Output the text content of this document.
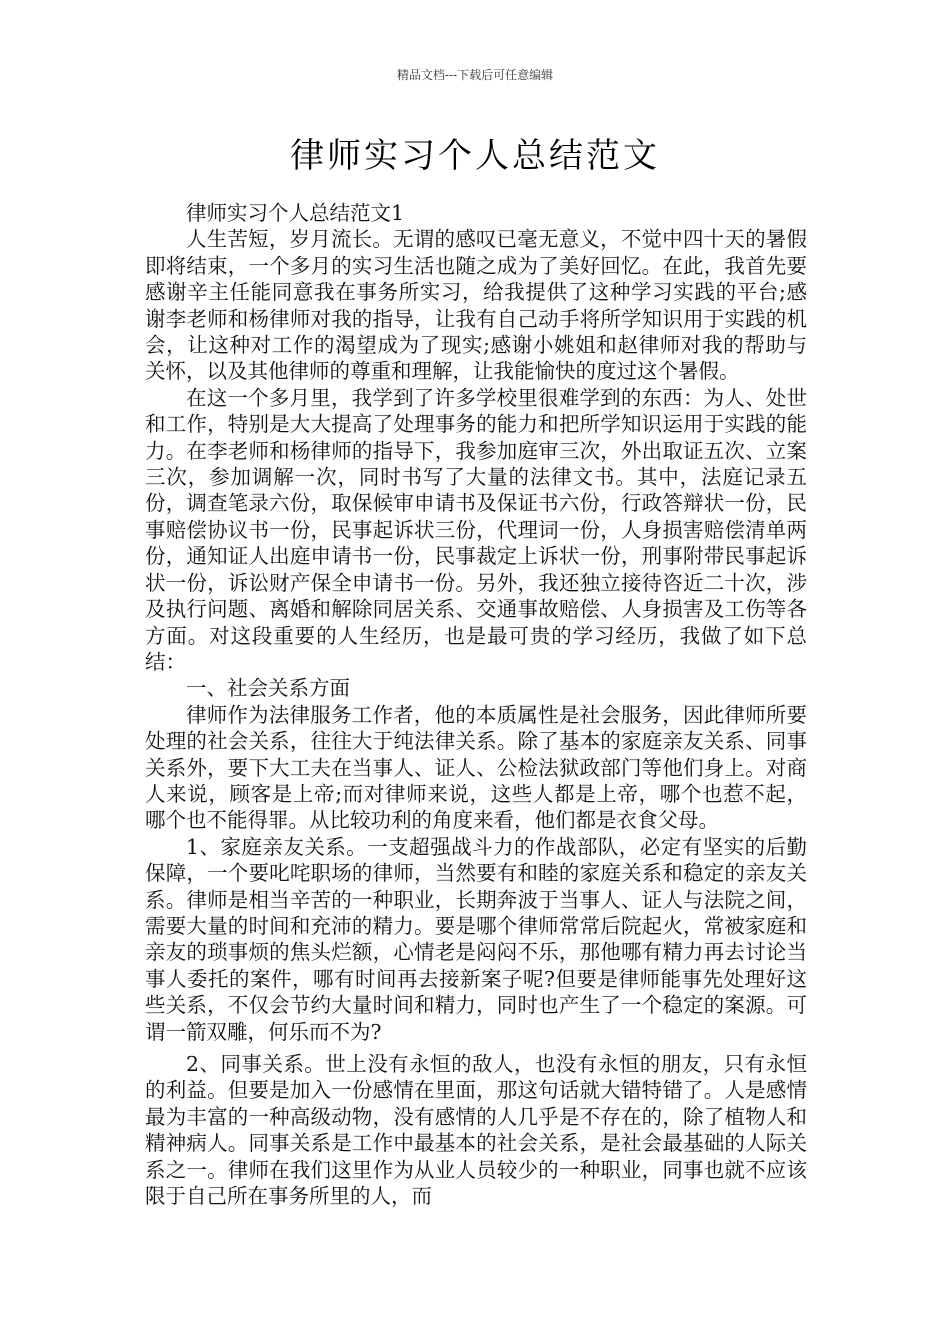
精品文档---下载后可任意编辑
律师实习个人总结范文

律师实习个人总结范文1

人生苦短，岁月流长。无谓的感叹已毫无意义，不觉中四十天的暑假即将结束，一个多月的实习生活也随之成为了美好回忆。在此，我首先要感谢辛主任能同意我在事务所实习，给我提供了这种学习实践的平台;感谢李老师和杨律师对我的指导，让我有自己动手将所学知识用于实践的机会，让这种对工作的渴望成为了现实;感谢小姚姐和赵律师对我的帮助与关怀，以及其他律师的尊重和理解，让我能愉快的度过这个暑假。

在这一个多月里，我学到了许多学校里很难学到的东西：为人、处世和工作，特别是大大提高了处理事务的能力和把所学知识运用于实践的能力。在李老师和杨律师的指导下，我参加庭审三次，外出取证五次、立案三次，参加调解一次，同时书写了大量的法律文书。其中，法庭记录五份，调查笔录六份，取保候审申请书及保证书六份，行政答辩状一份，民事赔偿协议书一份，民事起诉状三份，代理词一份，人身损害赔偿清单两份，通知证人出庭申请书一份，民事裁定上诉状一份，刑事附带民事起诉状一份，诉讼财产保全申请书一份。另外，我还独立接待咨近二十次，涉及执行问题、离婚和解除同居关系、交通事故赔偿、人身损害及工伤等各方面。对这段重要的人生经历，也是最可贵的学习经历，我做了如下总结：

一、社会关系方面

律师作为法律服务工作者，他的本质属性是社会服务，因此律师所要处理的社会关系，往往大于纯法律关系。除了基本的家庭亲友关系、同事关系外，要下大工夫在当事人、证人、公检法狱政部门等他们身上。对商人来说，顾客是上帝;而对律师来说，这些人都是上帝，哪个也惹不起，哪个也不能得罪。从比较功利的角度来看，他们都是衣食父母。

1、家庭亲友关系。一支超强战斗力的作战部队，必定有坚实的后勤保障，一个要叱咤职场的律师，当然要有和睦的家庭关系和稳定的亲友关系。律师是相当辛苦的一种职业，长期奔波于当事人、证人与法院之间，需要大量的时间和充沛的精力。要是哪个律师常常后院起火，常被家庭和亲友的琐事烦的焦头烂额，心情老是闷闷不乐，那他哪有精力再去讨论当事人委托的案件，哪有时间再去接新案子呢?但要是律师能事先处理好这些关系，不仅会节约大量时间和精力，同时也产生了一个稳定的案源。可谓一箭双雕，何乐而不为?

2、同事关系。世上没有永恒的敌人，也没有永恒的朋友，只有永恒的利益。但要是加入一份感情在里面，那这句话就大错特错了。人是感情最为丰富的一种高级动物，没有感情的人几乎是不存在的，除了植物人和精神病人。同事关系是工作中最基本的社会关系，是社会最基础的人际关系之一。律师在我们这里作为从业人员较少的一种职业，同事也就不应该限于自己所在事务所里的人，而
